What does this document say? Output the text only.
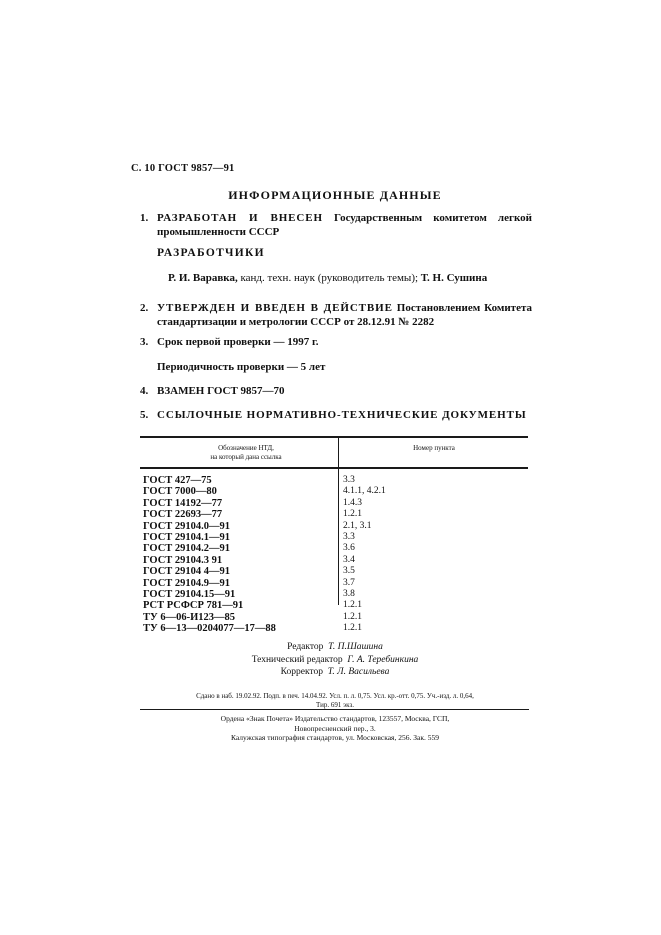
С. 10 ГОСТ 9857—91
ИНФОРМАЦИОННЫЕ ДАННЫЕ
1. РАЗРАБОТАН И ВНЕСЕН Государственным комитетом легкой промышленности СССР
РАЗРАБОТЧИКИ
Р. И. Варавка, канд. техн. наук (руководитель темы); Т. Н. Сушина
2. УТВЕРЖДЕН И ВВЕДЕН В ДЕЙСТВИЕ Постановлением Комитета стандартизации и метрологии СССР от 28.12.91 № 2282
3. Срок первой проверки — 1997 г.
Периодичность проверки — 5 лет
4. ВЗАМЕН ГОСТ 9857—70
5. ССЫЛОЧНЫЕ НОРМАТИВНО-ТЕХНИЧЕСКИЕ ДОКУМЕНТЫ
Обозначение НТД,
на который дана ссылка
Номер пункта
ГОСТ 427—75
ГОСТ 7000—80
ГОСТ 14192—77
ГОСТ 22693—77
ГОСТ 29104.0—91
ГОСТ 29104.1—91
ГОСТ 29104.2—91
ГОСТ 29104.3 91
ГОСТ 29104 4—91
ГОСТ 29104.9—91
ГОСТ 29104.15—91
РСТ РСФСР 781—91
ТУ 6—06-И123—85
ТУ 6—13—0204077—17—88
3.3
4.1.1, 4.2.1
1.4.3
1.2.1
2.1, 3.1
3.3
3.6
3.4
3.5
3.7
3.8
1.2.1
1.2.1
1.2.1
Редактор Т. П.Шашина
Технический редактор Г. А. Теребинкина
Корректор Т. Л. Васильева
Сдано в наб. 19.02.92. Подп. в печ. 14.04.92. Усл. п. л. 0,75. Усл. кр.-отт. 0,75. Уч.-изд. л. 0,64,
Тир. 691 экз.
Ордена «Знак Почета» Издательство стандартов, 123557, Москва, ГСП,
Новопресненский пер., 3.
Калужская типография стандартов, ул. Московская, 256. Зак. 559
